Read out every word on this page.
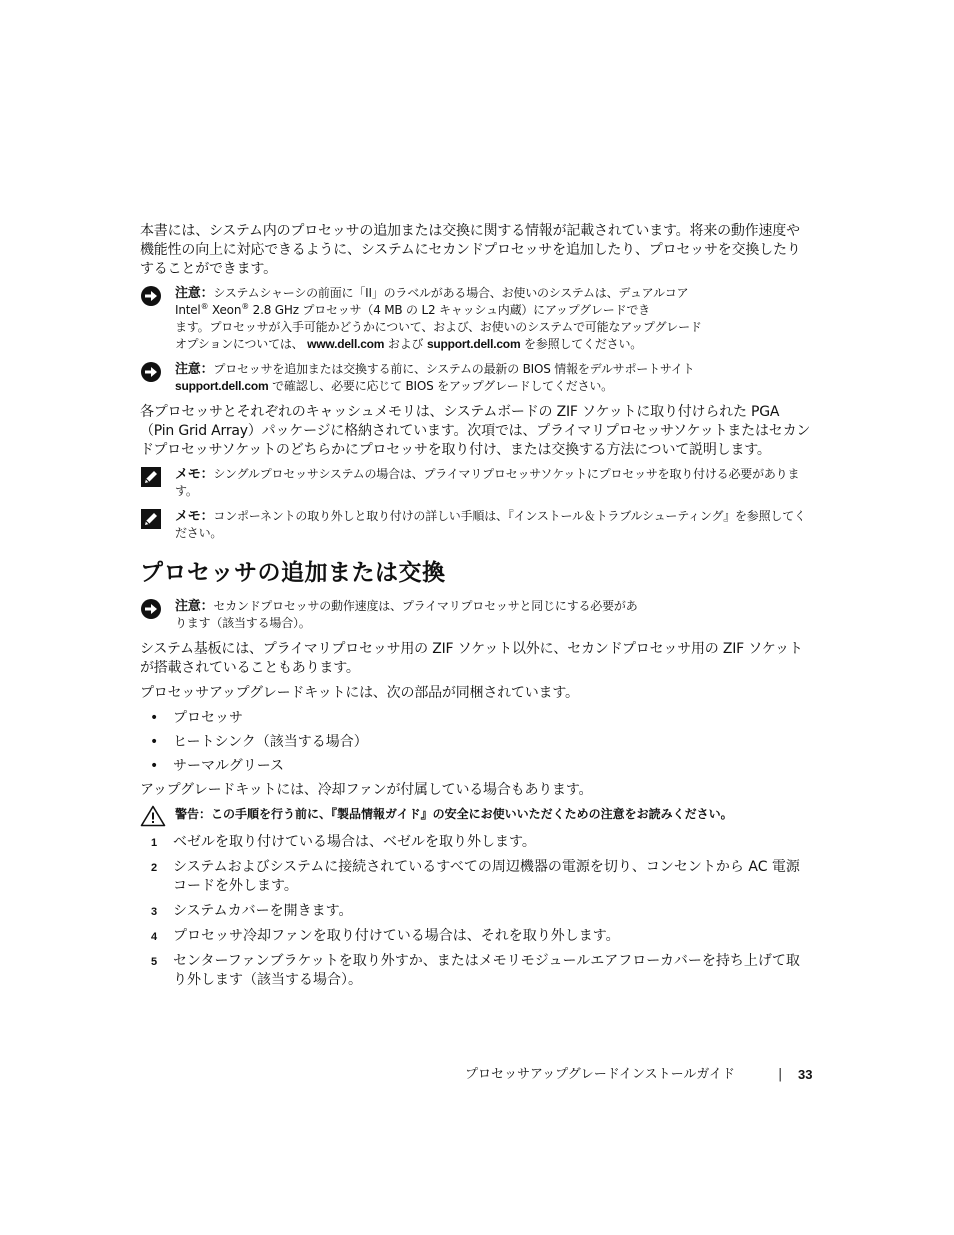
本書には、システム内のプロセッサの追加または交換に関する情報が記載されています。将来の動作速度や機能性の向上に対応できるように、システムにセカンドプロセッサを追加したり、プロセッサを交換したりすることができます。

注意：システムシャーシの前面に「II」のラベルがある場合、お使いのシステムは、デュアルコア
Intel® Xeon® 2.8 GHz プロセッサ（4 MB の L2 キャッシュ内蔵）にアップグレードでき
ます。プロセッサが入手可能かどうかについて、および、お使いのシステムで可能なアップグレード
オプションについては、 www.dell.com および support.dell.com を参照してください。
注意：プロセッサを追加または交換する前に、システムの最新の BIOS 情報をデルサポートサイト
support.dell.com で確認し、必要に応じて BIOS をアップグレードしてください。

各プロセッサとそれぞれのキャッシュメモリは、システムボードの ZIF ソケットに取り付けられた PGA（Pin Grid Array）パッケージに格納されています。次項では、プライマリプロセッサソケットまたはセカンドプロセッサソケットのどちらかにプロセッサを取り付け、または交換する方法について説明します。

メモ：シングルプロセッサシステムの場合は、プライマリプロセッサソケットにプロセッサを取り付ける必要があります。
メモ：コンポーネントの取り外しと取り付けの詳しい手順は、『インストール＆トラブルシューティング』を参照してください。
プロセッサの追加または交換
注意：セカンドプロセッサの動作速度は、プライマリプロセッサと同じにする必要があ
ります（該当する場合）。

システム基板には、プライマリプロセッサ用の ZIF ソケット以外に、セカンドプロセッサ用の ZIF ソケットが搭載されていることもあります。

プロセッサアップグレードキットには、次の部品が同梱されています。

• プロセッサ
• ヒートシンク（該当する場合）
• サーマルグリース

アップグレードキットには、冷却ファンが付属している場合もあります。

警告：この手順を行う前に、『製品情報ガイド』の安全にお使いいただくための注意をお読みください。
1 ベゼルを取り付けている場合は、ベゼルを取り外します。
2 システムおよびシステムに接続されているすべての周辺機器の電源を切り、コンセントから AC 電源コードを外します。
3 システムカバーを開きます。
4 プロセッサ冷却ファンを取り付けている場合は、それを取り外します。
5 センターファンブラケットを取り外すか、またはメモリモジュールエアフローカバーを持ち上げて取り外します（該当する場合）。
プロセッサアップグレードインストールガイド	| 33
